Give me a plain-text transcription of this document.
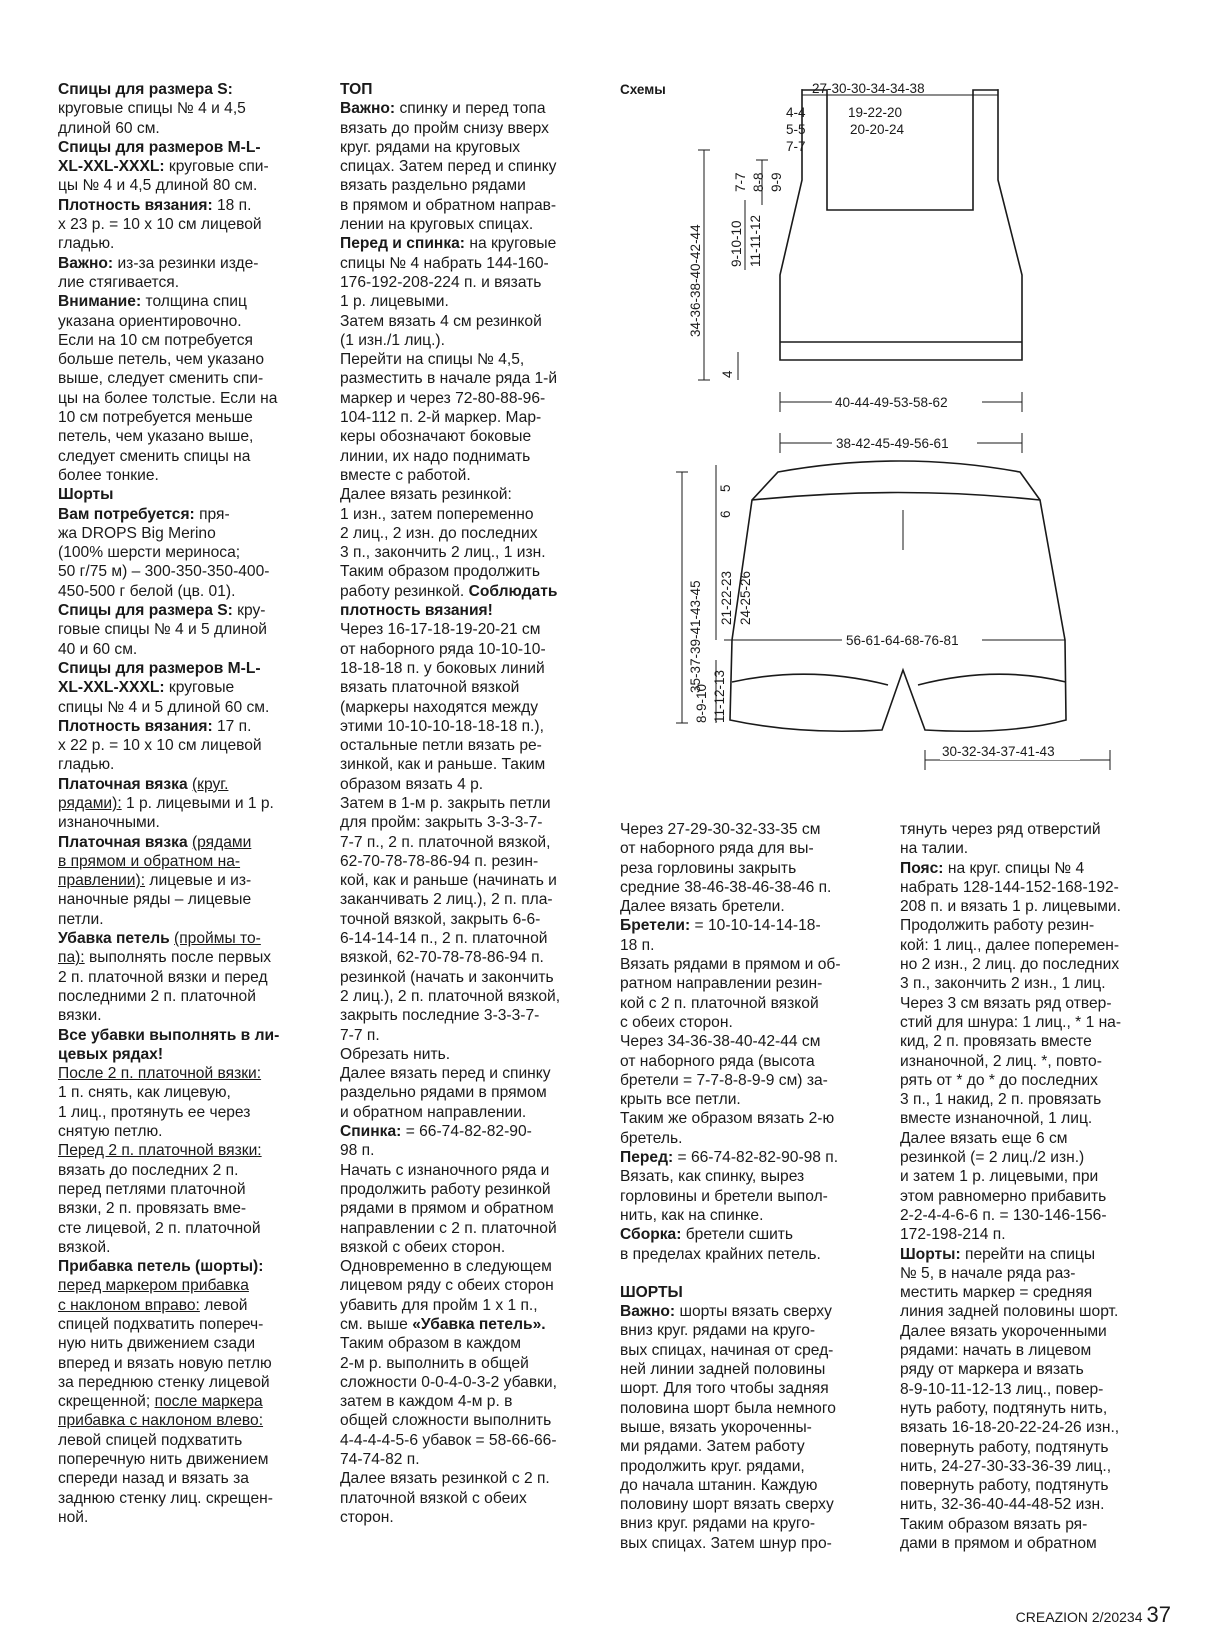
Спицы для размера S:
круговые спицы № 4 и 4,5
длиной 60 см.

Спицы для размеров M-L-
XL-XXL-XXXL: круговые спи-
цы № 4 и 4,5 длиной 80 см.

Плотность вязания: 18 п.
x 23 р. = 10 x 10 см лицевой
гладью.

Важно: из-за резинки изде-
лие стягивается.

Внимание: толщина спиц
указана ориентировочно.
Если на 10 см потребуется
больше петель, чем указано
выше, следует сменить спи-
цы на более толстые. Если на
10 см потребуется меньше
петель, чем указано выше,
следует сменить спицы на
более тонкие.

Шорты

Вам потребуется: пря-
жа DROPS Big Merino
(100% шерсти мериноса;
50 г/75 м) – 300-350-350-400-
450-500 г белой (цв. 01).

Спицы для размера S: кру-
говые спицы № 4 и 5 длиной
40 и 60 см.

Спицы для размеров M-L-
XL-XXL-XXXL: круговые
спицы № 4 и 5 длиной 60 см.

Плотность вязания: 17 п.
x 22 р. = 10 x 10 см лицевой
гладью.

Платочная вязка (круг.
рядами): 1 р. лицевыми и 1 р.
изнаночными.

Платочная вязка (рядами
в прямом и обратном на-
правлении): лицевые и из-
наночные ряды – лицевые
петли.

Убавка петель (проймы то-
па): выполнять после первых
2 п. платочной вязки и перед
последними 2 п. платочной
вязки.

Все убавки выполнять в ли-
цевых рядах!

После 2 п. платочной вязки:
1 п. снять, как лицевую,
1 лиц., протянуть ее через
снятую петлю.

Перед 2 п. платочной вязки:
вязать до последних 2 п.
перед петлями платочной
вязки, 2 п. провязать вме-
сте лицевой, 2 п. платочной
вязкой.

Прибавка петель (шорты):
перед маркером прибавка
с наклоном вправо: левой
спицей подхватить попереч-
ную нить движением сзади
вперед и вязать новую петлю
за переднюю стенку лицевой
скрещенной; после маркера
прибавка с наклоном влево:
левой спицей подхватить
поперечную нить движением
спереди назад и вязать за
заднюю стенку лиц. скрещен-
ной.

ТОП

Важно: спинку и перед топа
вязать до пройм снизу вверх
круг. рядами на круговых
спицах. Затем перед и спинку
вязать раздельно рядами
в прямом и обратном направ-
лении на круговых спицах.

Перед и спинка: на круговые
спицы № 4 набрать 144-160-
176-192-208-224 п. и вязать
1 р. лицевыми.
Затем вязать 4 см резинкой
(1 изн./1 лиц.).
Перейти на спицы № 4,5,
разместить в начале ряда 1-й
маркер и через 72-80-88-96-
104-112 п. 2-й маркер. Мар-
керы обозначают боковые
линии, их надо поднимать
вместе с работой.
Далее вязать резинкой:
1 изн., затем попеременно
2 лиц., 2 изн. до последних
3 п., закончить 2 лиц., 1 изн.
Таким образом продолжить
работу резинкой. Соблюдать
плотность вязания!
Через 16-17-18-19-20-21 см
от наборного ряда 10-10-10-
18-18-18 п. у боковых линий
вязать платочной вязкой
(маркеры находятся между
этими 10-10-10-18-18-18 п.),
остальные петли вязать ре-
зинкой, как и раньше. Таким
образом вязать 4 р.
Затем в 1-м р. закрыть петли
для пройм: закрыть 3-3-3-7-
7-7 п., 2 п. платочной вязкой,
62-70-78-78-86-94 п. резин-
кой, как и раньше (начинать и
заканчивать 2 лиц.), 2 п. пла-
точной вязкой, закрыть 6-6-
6-14-14-14 п., 2 п. платочной
вязкой, 62-70-78-78-86-94 п.
резинкой (начать и закончить
2 лиц.), 2 п. платочной вязкой,
закрыть последние 3-3-3-7-
7-7 п.
Обрезать нить.
Далее вязать перед и спинку
раздельно рядами в прямом
и обратном направлении.

Спинка: = 66-74-82-82-90-
98 п.
Начать с изнаночного ряда и
продолжить работу резинкой
рядами в прямом и обратном
направлении с 2 п. платочной
вязкой с обеих сторон.
Одновременно в следующем
лицевом ряду с обеих сторон
убавить для пройм 1 х 1 п.,
см. выше «Убавка петель».
Таким образом в каждом
2-м р. выполнить в общей
сложности 0-0-4-0-3-2 убавки,
затем в каждом 4-м р. в
общей сложности выполнить
4-4-4-4-5-6 убавок = 58-66-66-
74-74-82 п.
Далее вязать резинкой с 2 п.
платочной вязкой с обеих
сторон.

Схемы	27-30-30-34-34-38
4-4
5-5
7-7
19-22-20
20-20-24
7-7 8-8 9-9
9-10-10 11-11-12
34-36-38-40-42-44
4
40-44-49-53-58-62
38-42-45-49-56-61
35-37-39-41-43-45
5
6
21-22-23 24-25-26
56-61-64-68-76-81
8-9-10 11-12-13
30-32-34-37-41-43

Через 27-29-30-32-33-35 см
от наборного ряда для вы-
реза горловины закрыть
средние 38-46-38-46-38-46 п.
Далее вязать бретели.

Бретели: = 10-10-14-14-18-
18 п.
Вязать рядами в прямом и об-
ратном направлении резин-
кой с 2 п. платочной вязкой
с обеих сторон.
Через 34-36-38-40-42-44 см
от наборного ряда (высота
бретели = 7-7-8-8-9-9 см) за-
крыть все петли.
Таким же образом вязать 2-ю
бретель.

Перед: = 66-74-82-82-90-98 п.
Вязать, как спинку, вырез
горловины и бретели выпол-
нить, как на спинке.

Сборка: бретели сшить
в пределах крайних петель.

ШОРТЫ

Важно: шорты вязать сверху
вниз круг. рядами на круго-
вых спицах, начиная от сред-
ней линии задней половины
шорт. Для того чтобы задняя
половина шорт была немного
выше, вязать укороченны-
ми рядами. Затем работу
продолжить круг. рядами,
до начала штанин. Каждую
половину шорт вязать сверху
вниз круг. рядами на круго-
вых спицах. Затем шнур про-

тянуть через ряд отверстий
на талии.

Пояс: на круг. спицы № 4
набрать 128-144-152-168-192-
208 п. и вязать 1 р. лицевыми.
Продолжить работу резин-
кой: 1 лиц., далее поперемен-
но 2 изн., 2 лиц. до последних
3 п., закончить 2 изн., 1 лиц.
Через 3 см вязать ряд отвер-
стий для шнура: 1 лиц., * 1 на-
кид, 2 п. провязать вместе
изнаночной, 2 лиц. *, повто-
рять от * до * до последних
3 п., 1 накид, 2 п. провязать
вместе изнаночной, 1 лиц.
Далее вязать еще 6 см
резинкой (= 2 лиц./2 изн.)
и затем 1 р. лицевыми, при
этом равномерно прибавить
2-2-4-4-6-6 п. = 130-146-156-
172-198-214 п.

Шорты: перейти на спицы
№ 5, в начале ряда раз-
местить маркер = средняя
линия задней половины шорт.
Далее вязать укороченными
рядами: начать в лицевом
ряду от маркера и вязать
8-9-10-11-12-13 лиц., повер-
нуть работу, подтянуть нить,
вязать 16-18-20-22-24-26 изн.,
повернуть работу, подтянуть
нить, 24-27-30-33-36-39 лиц.,
повернуть работу, подтянуть
нить, 32-36-40-44-48-52 изн.
Таким образом вязать ря-
дами в прямом и обратном

CREAZION 2/20234 37
